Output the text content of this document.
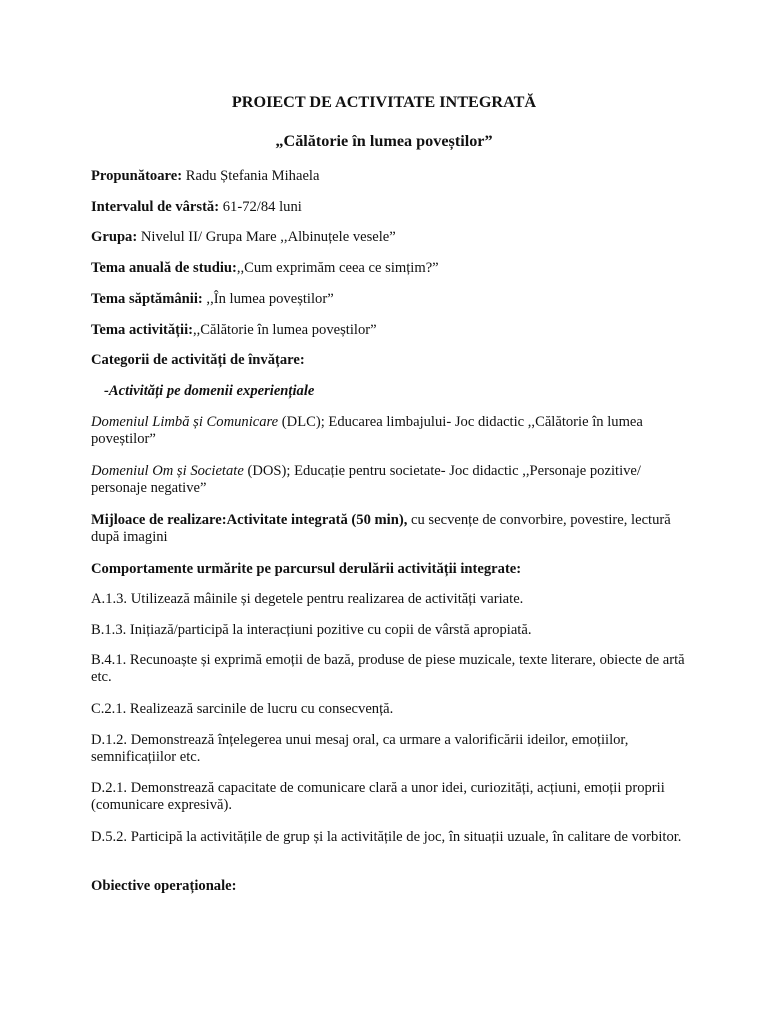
PROIECT DE ACTIVITATE INTEGRATĂ
„Călătorie în lumea poveștilor”
Propunătoare: Radu Ștefania Mihaela
Intervalul de vârstă: 61-72/84 luni
Grupa: Nivelul II/ Grupa Mare ,,Albinuțele vesele”
Tema anuală de studiu:,,Cum exprimăm ceea ce simțim?”
Tema săptămânii: ,,În lumea poveștilor”
Tema activității:,,Călătorie în lumea poveștilor”
Categorii de activități de învățare:
-Activități pe domenii experiențiale
Domeniul Limbă și Comunicare (DLC); Educarea limbajului- Joc didactic ,,Călătorie în lumea poveștilor”
Domeniul Om și Societate (DOS); Educație pentru societate- Joc didactic ,,Personaje pozitive/ personaje negative”
Mijloace de realizare:Activitate integrată (50 min), cu secvențe de convorbire, povestire, lectură după imagini
Comportamente urmărite pe parcursul derulării activității integrate:
A.1.3. Utilizează mâinile și degetele pentru realizarea de activități variate.
B.1.3. Inițiază/participă la interacțiuni pozitive cu copii de vârstă apropiată.
B.4.1. Recunoaște și exprimă emoții de bază, produse de piese muzicale, texte literare, obiecte de artă etc.
C.2.1. Realizează sarcinile de lucru cu consecvență.
D.1.2. Demonstrează înțelegerea unui mesaj oral, ca urmare a valorificării ideilor, emoțiilor, semnificațiilor etc.
D.2.1. Demonstrează capacitate de comunicare clară a unor idei, curiozități, acțiuni, emoții proprii (comunicare expresivă).
D.5.2. Participă la activitățile de grup și la activitățile de joc, în situații uzuale, în calitare de vorbitor.
Obiective operaționale:
